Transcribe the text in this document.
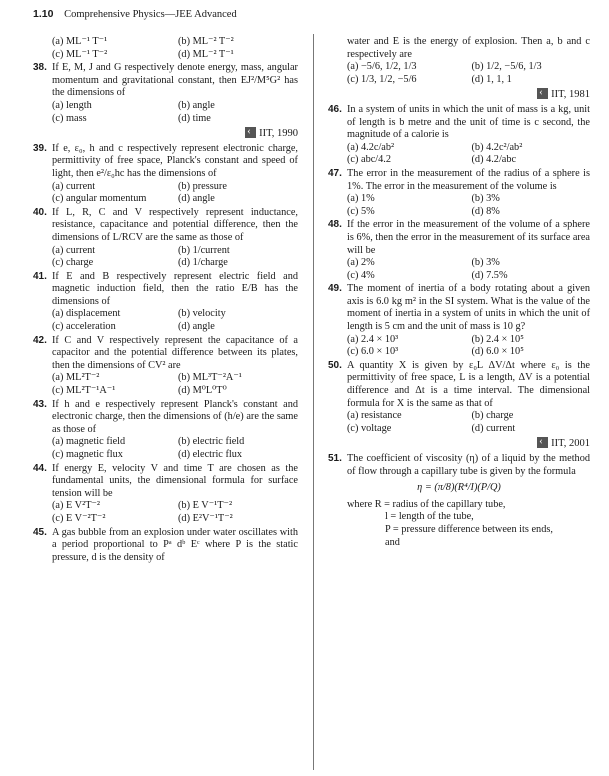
1.10 Comprehensive Physics—JEE Advanced
(a) ML⁻¹ T⁻¹	(b) ML⁻² T⁻²
(c) ML⁻¹ T⁻²	(d) ML⁻² T⁻¹
38. If E, M, J and G respectively denote energy, mass, angular momentum and gravitational constant, then EJ²/M⁵G² has the dimensions of
(a) length	(b) angle
(c) mass	(d) time
‹IIT, 1990
39. If e, ε₀, h and c respectively represent electronic charge, permittivity of free space, Planck's constant and speed of light, then e²/ε₀hc has the dimensions of
(a) current	(b) pressure
(c) angular momentum	(d) angle
40. If L, R, C and V respectively represent inductance, resistance, capacitance and potential difference, then the dimensions of L/RCV are the same as those of
(a) current	(b) 1/current
(c) charge	(d) 1/charge
41. If E and B respectively represent electric field and magnetic induction field, then the ratio E/B has the dimensions of
(a) displacement	(b) velocity
(c) acceleration	(d) angle
42. If C and V respectively represent the capacitance of a capacitor and the potential difference between its plates, then the dimensions of CV² are
(a) ML²T⁻²	(b) ML³T⁻²A⁻¹
(c) ML²T⁻¹A⁻¹	(d) M⁰L⁰T⁰
43. If h and e respectively represent Planck's constant and electronic charge, then the dimensions of (h/e) are the same as those of
(a) magnetic field	(b) electric field
(c) magnetic flux	(d) electric flux
44. If energy E, velocity V and time T are chosen as the fundamental units, the dimensional formula for surface tension will be
(a) E V²T⁻²	(b) E V⁻¹T⁻²
(c) E V⁻²T⁻²	(d) E²V⁻¹T⁻²
45. A gas bubble from an explosion under water oscillates with a period proportional to Pᵃ dᵇ Eᶜ where P is the static pressure, d is the density of
water and E is the energy of explosion. Then a, b and c respectively are
(a) −5/6, 1/2, 1/3	(b) 1/2, −5/6, 1/3
(c) 1/3, 1/2, −5/6	(d) 1, 1, 1
‹IIT, 1981
46. In a system of units in which the unit of mass is a kg, unit of length is b metre and the unit of time is c second, the magnitude of a calorie is
(a) 4.2c/ab²	(b) 4.2c²/ab²
(c) abc/4.2	(d) 4.2/abc
47. The error in the measurement of the radius of a sphere is 1%. The error in the measurement of the volume is
(a) 1%	(b) 3%
(c) 5%	(d) 8%
48. If the error in the measurement of the volume of a sphere is 6%, then the error in the measurement of its surface area will be
(a) 2%	(b) 3%
(c) 4%	(d) 7.5%
49. The moment of inertia of a body rotating about a given axis is 6.0 kg m² in the SI system. What is the value of the moment of inertia in a system of units in which the unit of length is 5 cm and the unit of mass is 10 g?
(a) 2.4 × 10³	(b) 2.4 × 10⁵
(c) 6.0 × 10³	(d) 6.0 × 10⁵
50. A quantity X is given by ε₀L ΔV/Δt where ε₀ is the permittivity of free space, L is a length, ΔV is a potential difference and Δt is a time interval. The dimensional formula for X is the same as that of
(a) resistance	(b) charge
(c) voltage	(d) current
‹IIT, 2001
51. The coefficient of viscosity (η) of a liquid by the method of flow through a capillary tube is given by the formula
η = (π/8)(R⁴/I)(P/Q)
where R = radius of the capillary tube,
l = length of the tube,
P = pressure difference between its ends,
and
